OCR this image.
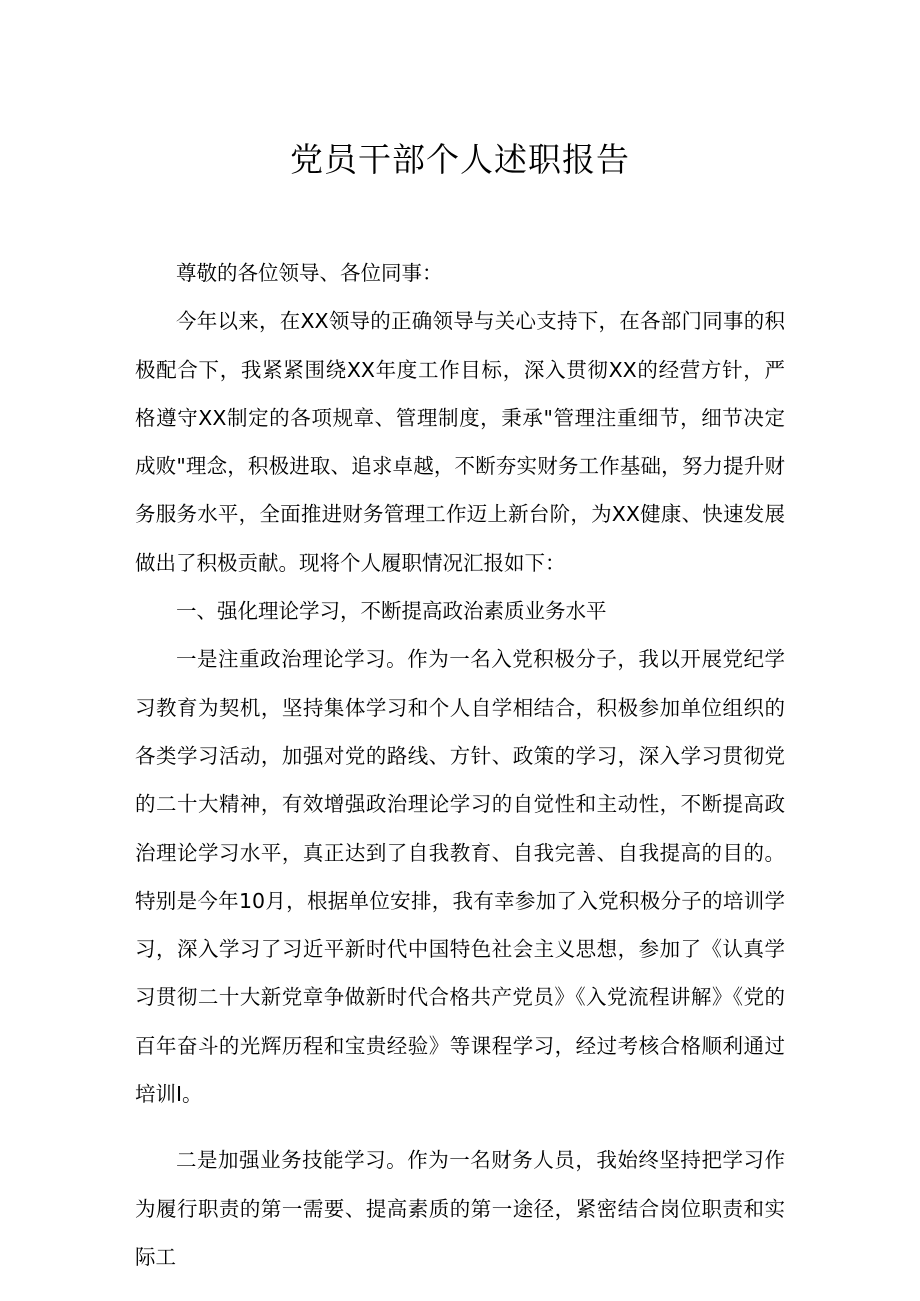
党员干部个人述职报告

尊敬的各位领导、各位同事：

今年以来，在XX领导的正确领导与关心支持下，在各部门同事的积极配合下，我紧紧围绕XX年度工作目标，深入贯彻XX的经营方针，严格遵守XX制定的各项规章、管理制度，秉承"管理注重细节，细节决定成败"理念，积极进取、追求卓越，不断夯实财务工作基础，努力提升财务服务水平，全面推进财务管理工作迈上新台阶，为XX健康、快速发展做出了积极贡献。现将个人履职情况汇报如下：

一、强化理论学习，不断提高政治素质业务水平

一是注重政治理论学习。作为一名入党积极分子，我以开展党纪学习教育为契机，坚持集体学习和个人自学相结合，积极参加单位组织的各类学习活动，加强对党的路线、方针、政策的学习，深入学习贯彻党的二十大精神，有效增强政治理论学习的自觉性和主动性，不断提高政治理论学习水平，真正达到了自我教育、自我完善、自我提高的目的。特别是今年10月，根据单位安排，我有幸参加了入党积极分子的培训学习，深入学习了习近平新时代中国特色社会主义思想，参加了《认真学习贯彻二十大新党章争做新时代合格共产党员》《入党流程讲解》《党的百年奋斗的光辉历程和宝贵经验》等课程学习，经过考核合格顺利通过培训I。

二是加强业务技能学习。作为一名财务人员，我始终坚持把学习作为履行职责的第一需要、提高素质的第一途径，紧密结合岗位职责和实际工
